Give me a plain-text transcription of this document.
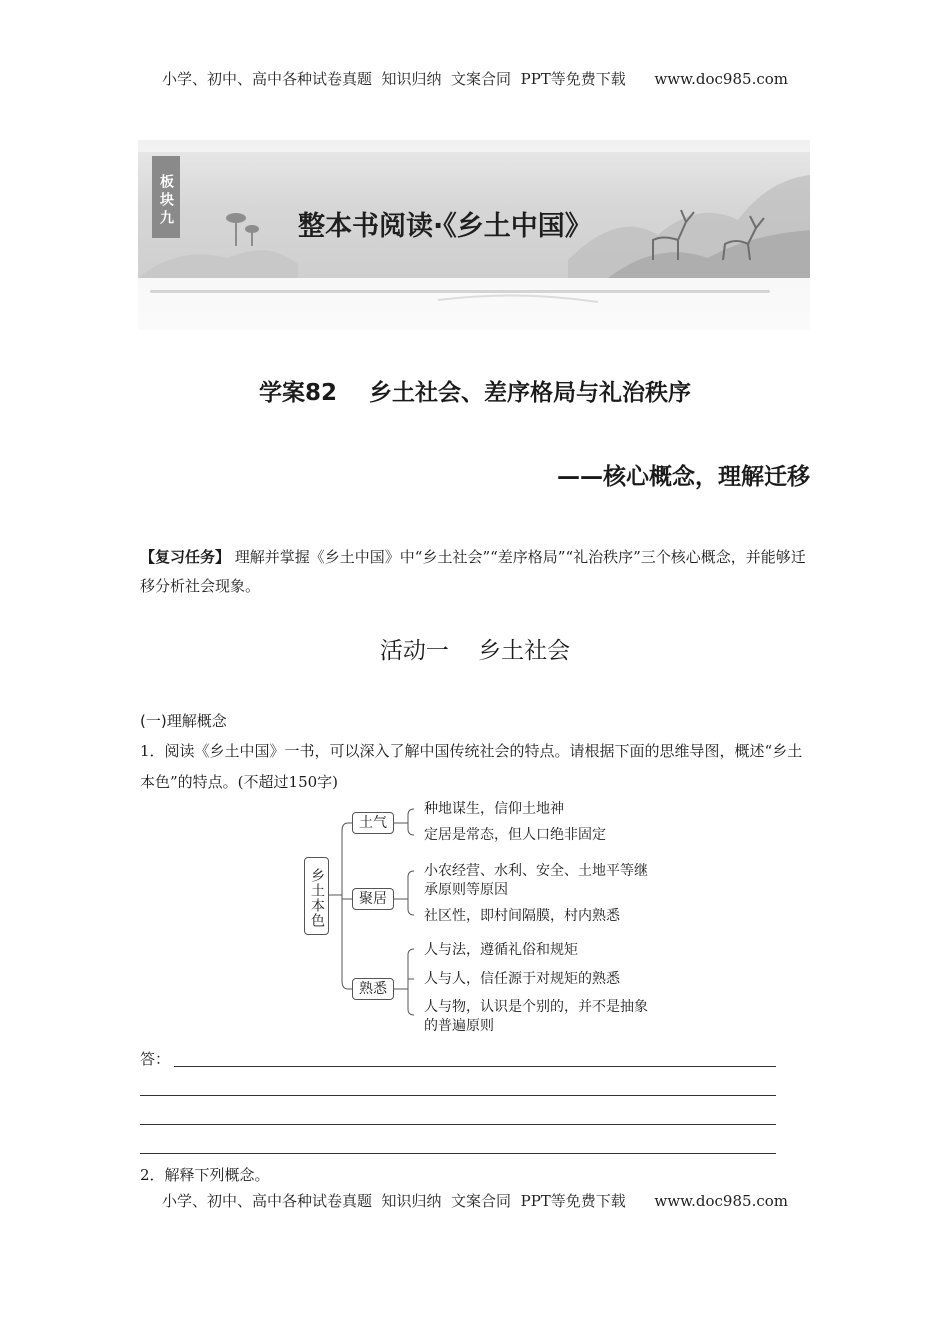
小学、初中、高中各种试卷真题  知识归纳  文案合同  PPT等免费下载      www.doc985.com
板块九	整本书阅读·《乡土中国》
学案82    乡土社会、差序格局与礼治秩序
——核心概念，理解迁移
【复习任务】 理解并掌握《乡土中国》中“乡土社会”“差序格局”“礼治秩序”三个核心概念，并能够迁移分析社会现象。
活动一    乡土社会
(一)理解概念
1．阅读《乡土中国》一书，可以深入了解中国传统社会的特点。请根据下面的思维导图，概述“乡土本色”的特点。(不超过150字)
乡土本色
土气
种地谋生，信仰土地神
定居是常态，但人口绝非固定
聚居
小农经营、水利、安全、土地平等继承原则等原因
社区性，即村间隔膜，村内熟悉
熟悉
人与法，遵循礼俗和规矩
人与人，信任源于对规矩的熟悉
人与物，认识是个别的，并不是抽象的普遍原则
答：
2．解释下列概念。
小学、初中、高中各种试卷真题  知识归纳  文案合同  PPT等免费下载      www.doc985.com
